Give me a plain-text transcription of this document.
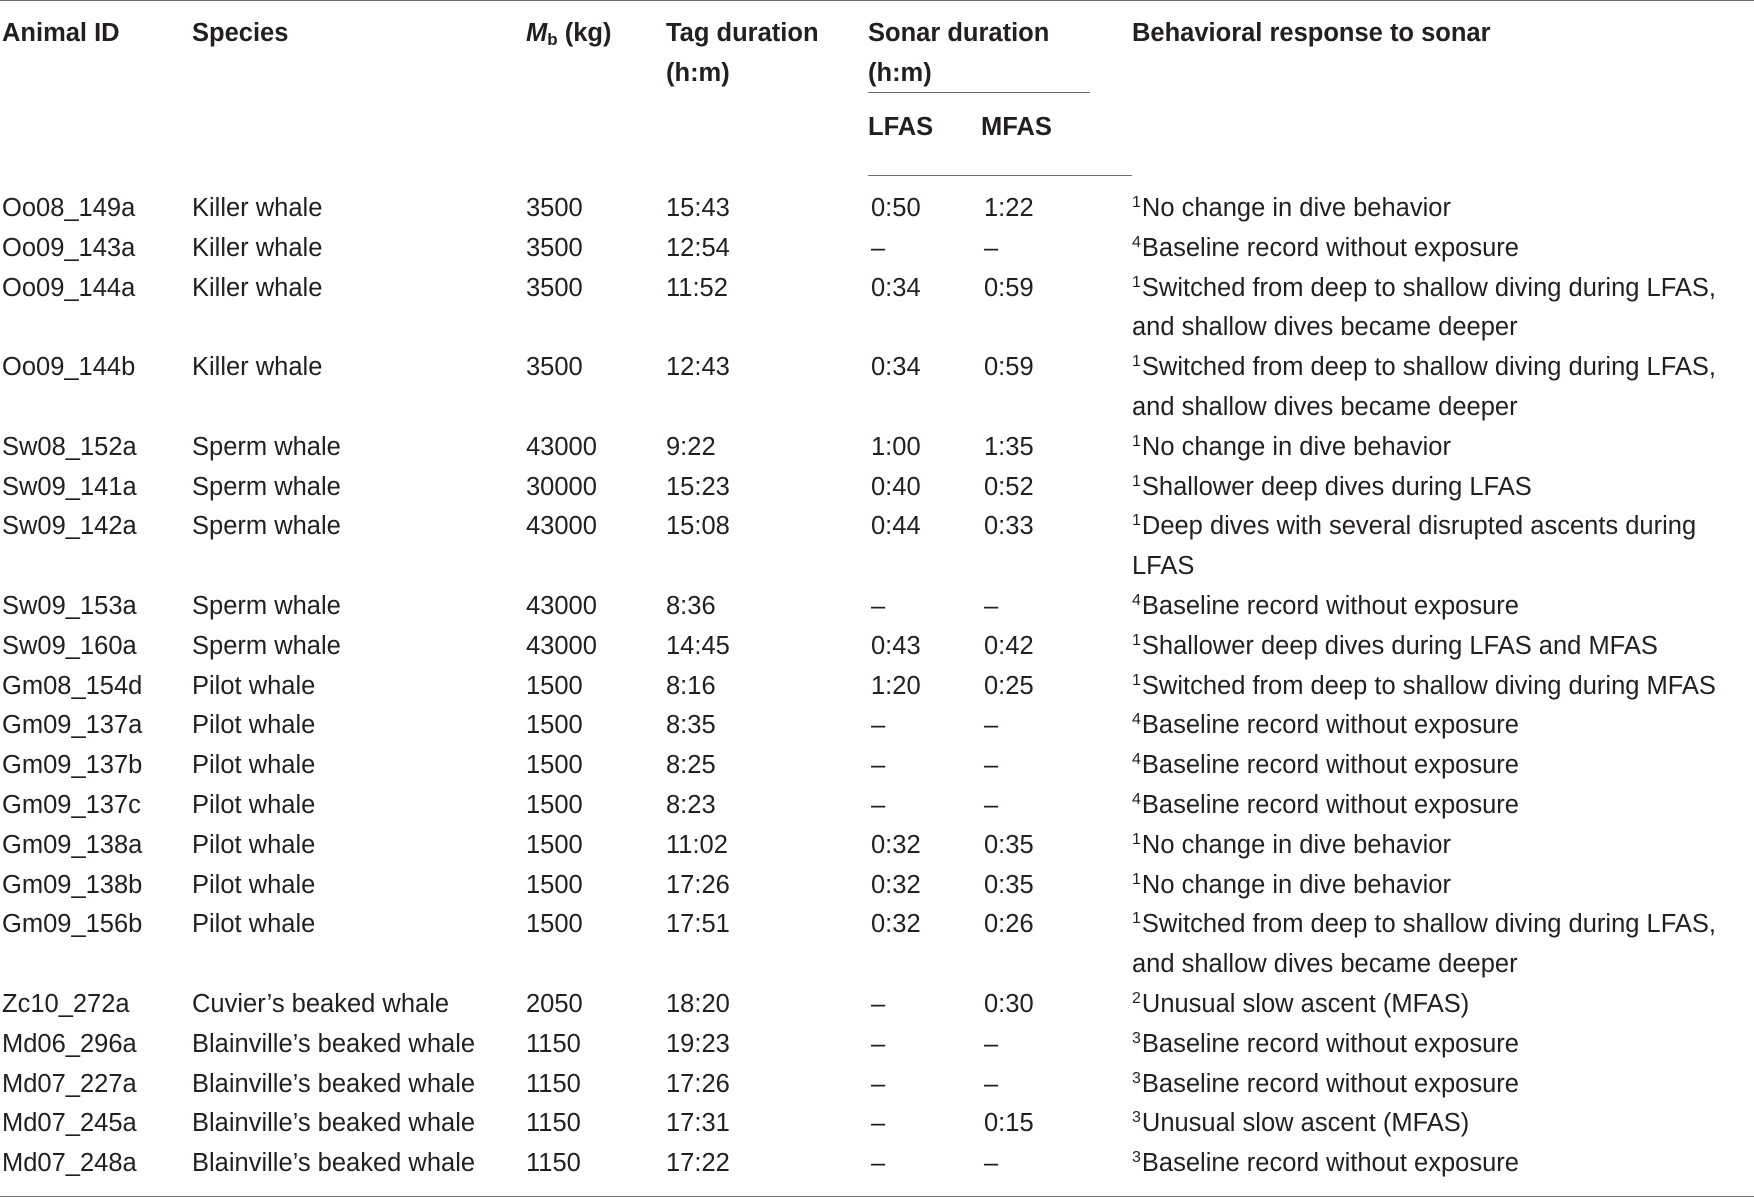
Animal ID	Species	$M_b$ (kg)	Tag duration (h:m)	Sonar duration (h:m)		Behavioral response to sonar
				LFAS	MFAS	
Oo08_149a	Killer whale	3500	15:43	0:50	1:22	$^1$No change in dive behavior
Oo09_143a	Killer whale	3500	12:54	–	–	$^4$Baseline record without exposure
Oo09_144a	Killer whale	3500	11:52	0:34	0:59	$^1$Switched from deep to shallow diving during LFAS, and shallow dives became deeper
Oo09_144b	Killer whale	3500	12:43	0:34	0:59	$^1$Switched from deep to shallow diving during LFAS, and shallow dives became deeper
Sw08_152a	Sperm whale	43000	9:22	1:00	1:35	$^1$No change in dive behavior
Sw09_141a	Sperm whale	30000	15:23	0:40	0:52	$^1$Shallower deep dives during LFAS
Sw09_142a	Sperm whale	43000	15:08	0:44	0:33	$^1$Deep dives with several disrupted ascents during LFAS
Sw09_153a	Sperm whale	43000	8:36	–	–	$^4$Baseline record without exposure
Sw09_160a	Sperm whale	43000	14:45	0:43	0:42	$^1$Shallower deep dives during LFAS and MFAS
Gm08_154d	Pilot whale	1500	8:16	1:20	0:25	$^1$Switched from deep to shallow diving during MFAS
Gm09_137a	Pilot whale	1500	8:35	–	–	$^4$Baseline record without exposure
Gm09_137b	Pilot whale	1500	8:25	–	–	$^4$Baseline record without exposure
Gm09_137c	Pilot whale	1500	8:23	–	–	$^4$Baseline record without exposure
Gm09_138a	Pilot whale	1500	11:02	0:32	0:35	$^1$No change in dive behavior
Gm09_138b	Pilot whale	1500	17:26	0:32	0:35	$^1$No change in dive behavior
Gm09_156b	Pilot whale	1500	17:51	0:32	0:26	$^1$Switched from deep to shallow diving during LFAS, and shallow dives became deeper
Zc10_272a	Cuvier’s beaked whale	2050	18:20	–	0:30	$^2$Unusual slow ascent (MFAS)
Md06_296a	Blainville’s beaked whale	1150	19:23	–	–	$^3$Baseline record without exposure
Md07_227a	Blainville’s beaked whale	1150	17:26	–	–	$^3$Baseline record without exposure
Md07_245a	Blainville’s beaked whale	1150	17:31	–	0:15	$^3$Unusual slow ascent (MFAS)
Md07_248a	Blainville’s beaked whale	1150	17:22	–	–	$^3$Baseline record without exposure
